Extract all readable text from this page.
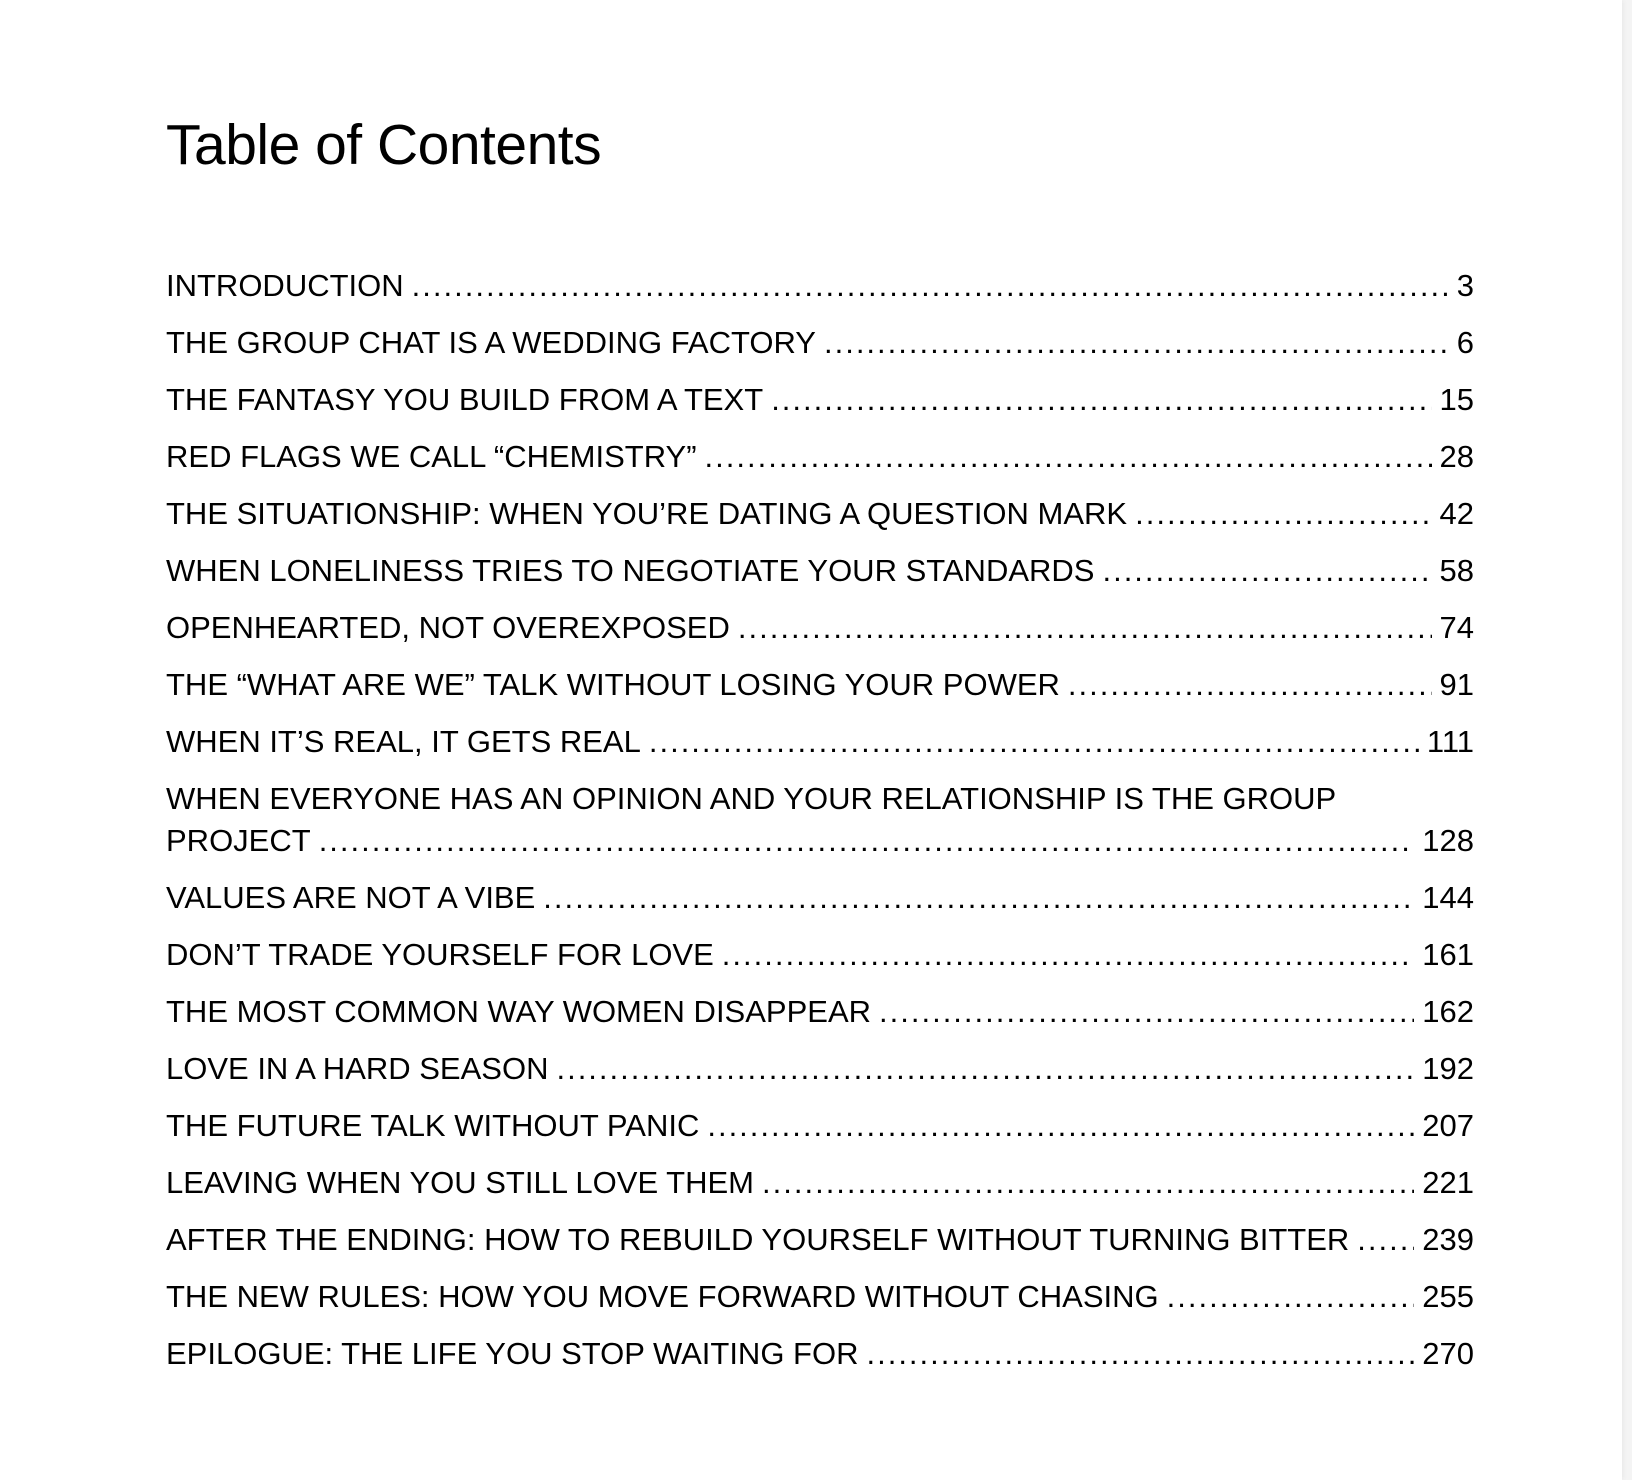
Table of Contents
INTRODUCTION .....	3
THE GROUP CHAT IS A WEDDING FACTORY .....	6
THE FANTASY YOU BUILD FROM A TEXT .....	15
RED FLAGS WE CALL “CHEMISTRY” .....	28
THE SITUATIONSHIP: WHEN YOU’RE DATING A QUESTION MARK .....	42
WHEN LONELINESS TRIES TO NEGOTIATE YOUR STANDARDS .....	58
OPENHEARTED, NOT OVEREXPOSED .....	74
THE “WHAT ARE WE” TALK WITHOUT LOSING YOUR POWER .....	91
WHEN IT’S REAL, IT GETS REAL .....	111
WHEN EVERYONE HAS AN OPINION AND YOUR RELATIONSHIP IS THE GROUP
PROJECT .....	128
VALUES ARE NOT A VIBE .....	144
DON’T TRADE YOURSELF FOR LOVE .....	161
THE MOST COMMON WAY WOMEN DISAPPEAR .....	162
LOVE IN A HARD SEASON .....	192
THE FUTURE TALK WITHOUT PANIC .....	207
LEAVING WHEN YOU STILL LOVE THEM .....	221
AFTER THE ENDING: HOW TO REBUILD YOURSELF WITHOUT TURNING BITTER ..... 239
THE NEW RULES: HOW YOU MOVE FORWARD WITHOUT CHASING .....	255
EPILOGUE: THE LIFE YOU STOP WAITING FOR .....	270
